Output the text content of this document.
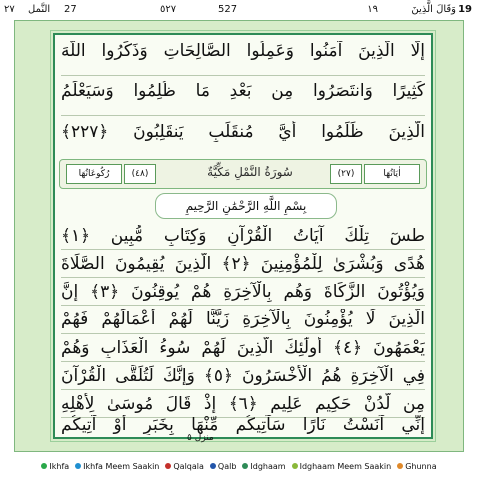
19
وَقَالَ الَّذِينَ
١٩
527
٥٢٧
٢٧ النَّمل 27
إِلَّا الَّذِينَ آمَنُوا وَعَمِلُوا الصَّالِحَاتِ وَذَكَرُوا اللَّهَ
كَثِيرًا وَانتَصَرُوا مِن بَعْدِ مَا ظُلِمُوا وَسَيَعْلَمُ
الَّذِينَ ظَلَمُوا أَيَّ مُنقَلَبٍ يَنقَلِبُونَ ﴿٢٢٧﴾
اٰيَاتُهَا
(٢٧)
سُورَةُ النَّمْلِ مَكِّيَّةٌ
(٤٨)
رُكُوعَاتُهَا
بِسْمِ اللَّهِ الرَّحْمَٰنِ الرَّحِيمِ
طسٓ تِلْكَ آيَاتُ الْقُرْآنِ وَكِتَابٍ مُّبِينٍ ﴿١﴾
هُدًى وَبُشْرَىٰ لِلْمُؤْمِنِينَ ﴿٢﴾ الَّذِينَ يُقِيمُونَ الصَّلَاةَ
وَيُؤْتُونَ الزَّكَاةَ وَهُم بِالْآخِرَةِ هُمْ يُوقِنُونَ ﴿٣﴾ إِنَّ
الَّذِينَ لَا يُؤْمِنُونَ بِالْآخِرَةِ زَيَّنَّا لَهُمْ أَعْمَالَهُمْ فَهُمْ
يَعْمَهُونَ ﴿٤﴾ أُولَٰئِكَ الَّذِينَ لَهُمْ سُوءُ الْعَذَابِ وَهُمْ
فِي الْآخِرَةِ هُمُ الْأَخْسَرُونَ ﴿٥﴾ وَإِنَّكَ لَتُلَقَّى الْقُرْآنَ
مِن لَّدُنْ حَكِيمٍ عَلِيمٍ ﴿٦﴾ إِذْ قَالَ مُوسَىٰ لِأَهْلِهِ
إِنِّي آنَسْتُ نَارًا سَآتِيكُم مِّنْهَا بِخَبَرٍ أَوْ آتِيكُم
منزل ٥
Ikhfa Ikhfa Meem Saakin Qalqala Qalb Idghaam Idghaam Meem Saakin Ghunna
